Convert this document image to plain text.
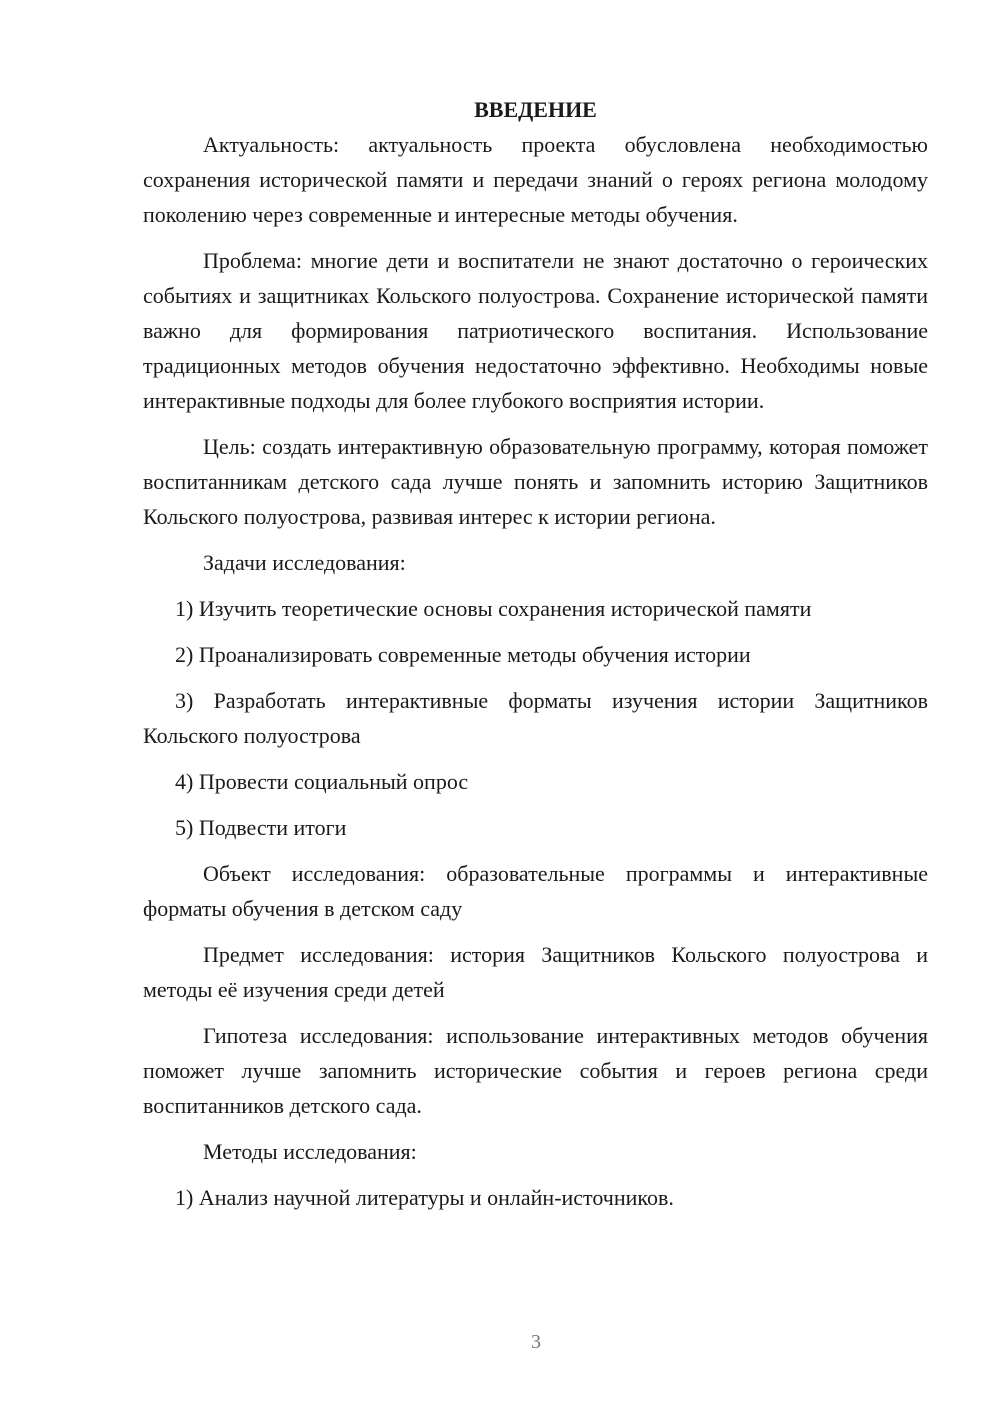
ВВЕДЕНИЕ

Актуальность: актуальность проекта обусловлена необходимостью сохранения исторической памяти и передачи знаний о героях региона молодому поколению через современные и интересные методы обучения.

Проблема: многие дети и воспитатели не знают достаточно о героических событиях и защитниках Кольского полуострова. Сохранение исторической памяти важно для формирования патриотического воспитания. Использование традиционных методов обучения недостаточно эффективно. Необходимы новые интерактивные подходы для более глубокого восприятия истории.

Цель: создать интерактивную образовательную программу, которая поможет воспитанникам детского сада лучше понять и запомнить историю Защитников Кольского полуострова, развивая интерес к истории региона.

Задачи исследования:

1) Изучить теоретические основы сохранения исторической памяти

2) Проанализировать современные методы обучения истории

3) Разработать интерактивные форматы изучения истории Защитников Кольского полуострова

4) Провести социальный опрос

5) Подвести итоги

Объект исследования: образовательные программы и интерактивные форматы обучения в детском саду

Предмет исследования: история Защитников Кольского полуострова и методы её изучения среди детей

Гипотеза исследования: использование интерактивных методов обучения поможет лучше запомнить исторические события и героев региона среди воспитанников детского сада.

Методы исследования:

1) Анализ научной литературы и онлайн-источников.

3
